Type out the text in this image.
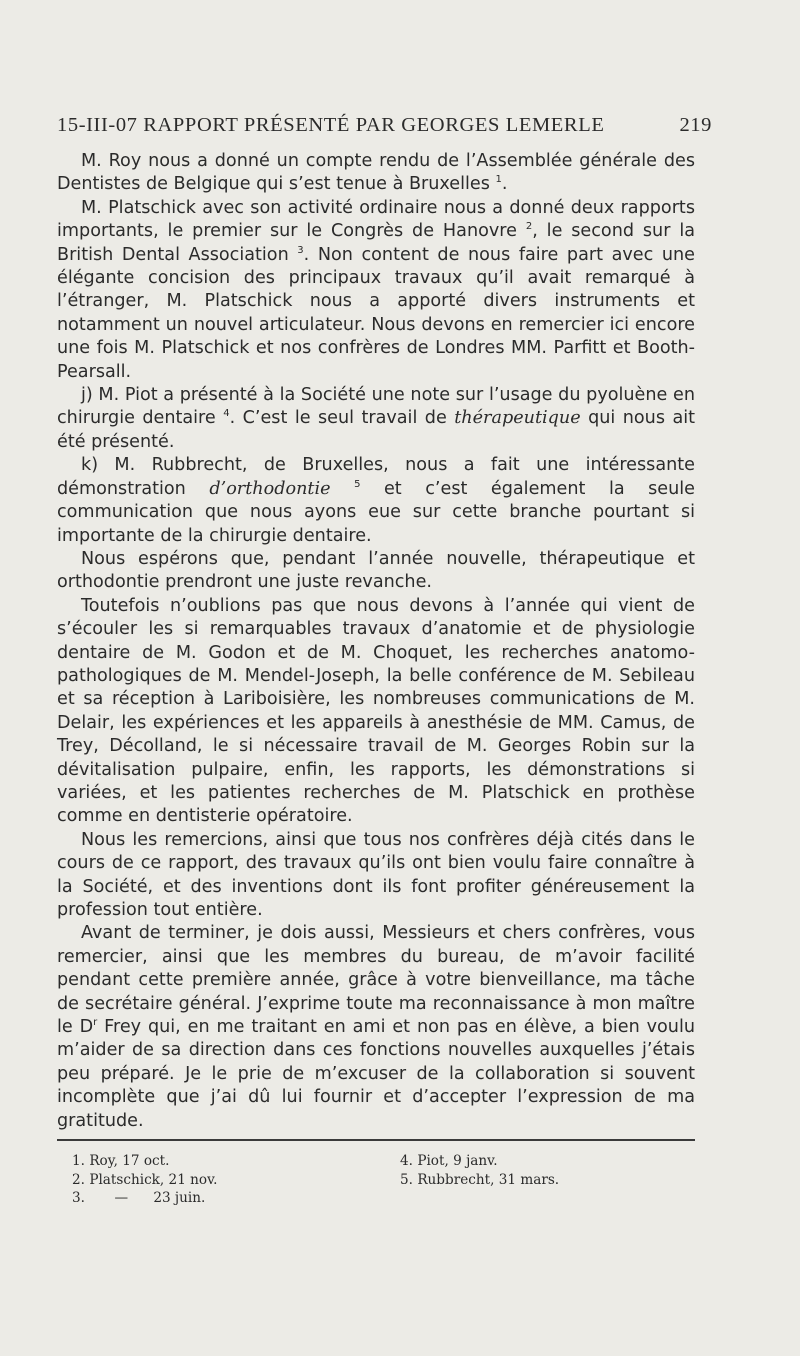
15-III-07 RAPPORT PRÉSENTÉ PAR GEORGES LEMERLE	219

M. Roy nous a donné un compte rendu de l’Assemblée générale des Dentistes de Belgique qui s’est tenue à Bruxelles $^1$.

M. Platschick avec son activité ordinaire nous a donné deux rapports importants, le premier sur le Congrès de Hanovre $^2$, le second sur la British Dental Association $^3$. Non content de nous faire part avec une élégante concision des principaux travaux qu’il avait remarqué à l’étranger, M. Platschick nous a apporté divers instruments et notamment un nouvel articulateur. Nous devons en remercier ici encore une fois M. Platschick et nos confrères de Londres MM. Parfitt et Booth-Pearsall.

j) M. Piot a présenté à la Société une note sur l’usage du pyoluène en chirurgie dentaire $^4$. C’est le seul travail de thérapeutique qui nous ait été présenté.

k) M. Rubbrecht, de Bruxelles, nous a fait une intéressante démonstration d’orthodontie $^5$ et c’est également la seule communication que nous ayons eue sur cette branche pourtant si importante de la chirurgie dentaire.

Nous espérons que, pendant l’année nouvelle, thérapeutique et orthodontie prendront une juste revanche.

Toutefois n’oublions pas que nous devons à l’année qui vient de s’écouler les si remarquables travaux d’anatomie et de physiologie dentaire de M. Godon et de M. Choquet, les recherches anatomo-pathologiques de M. Mendel-Joseph, la belle conférence de M. Sebileau et sa réception à Lariboisière, les nombreuses communications de M. Delair, les expériences et les appareils à anesthésie de MM. Camus, de Trey, Décolland, le si nécessaire travail de M. Georges Robin sur la dévitalisation pulpaire, enfin, les rapports, les démonstrations si variées, et les patientes recherches de M. Platschick en prothèse comme en dentisterie opératoire.

Nous les remercions, ainsi que tous nos confrères déjà cités dans le cours de ce rapport, des travaux qu’ils ont bien voulu faire connaître à la Société, et des inventions dont ils font profiter généreusement la profession tout entière.

Avant de terminer, je dois aussi, Messieurs et chers confrères, vous remercier, ainsi que les membres du bureau, de m’avoir facilité pendant cette première année, grâce à votre bienveillance, ma tâche de secrétaire général. J’exprime toute ma reconnaissance à mon maître le D$^r$ Frey qui, en me traitant en ami et non pas en élève, a bien voulu m’aider de sa direction dans ces fonctions nouvelles auxquelles j’étais peu préparé. Je le prie de m’excuser de la collaboration si souvent incomplète que j’ai dû lui fournir et d’accepter l’expression de ma gratitude.

1. Roy, 17 oct.
2. Platschick, 21 nov.
3. — 23 juin.
4. Piot, 9 janv.
5. Rubbrecht, 31 mars.
